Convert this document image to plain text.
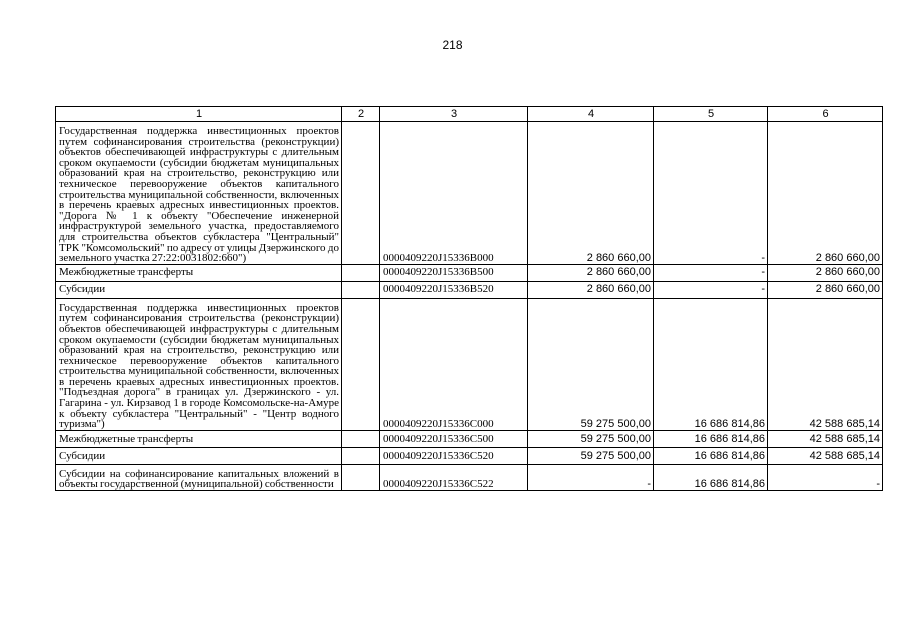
218
1	2	3	4	5	6
Государственная поддержка инвестиционных проектов путем софинансирования строительства (реконструкции) объектов обеспечивающей инфраструктуры с длительным сроком окупаемости (субсидии бюджетам муниципальных образований края на строительство, реконструкцию или техническое перевооружение объектов капитального строительства муниципальной собственности, включенных в перечень краевых адресных инвестиционных проектов. "Дорога № 1 к объекту "Обеспечение инженерной инфраструктурой земельного участка, предоставляемого для строительства объектов субкластера "Центральный" ТРК "Комсомольский" по адресу от улицы Дзержинского до земельного участка 27:22:0031802:660")		0000409220J15336B000	2 860 660,00	-	2 860 660,00
Межбюджетные трансферты		0000409220J15336B500	2 860 660,00	-	2 860 660,00
Субсидии		0000409220J15336B520	2 860 660,00	-	2 860 660,00
Государственная поддержка инвестиционных проектов путем софинансирования строительства (реконструкции) объектов обеспечивающей инфраструктуры с длительным сроком окупаемости (субсидии бюджетам муниципальных образований края на строительство, реконструкцию или техническое перевооружение объектов капитального строительства муниципальной собственности, включенных в перечень краевых адресных инвестиционных проектов. "Подъездная дорога" в границах ул. Дзержинского - ул. Гагарина - ул. Кирзавод 1 в городе Комсомольске-на-Амуре к объекту субкластера "Центральный" - "Центр водного туризма")		0000409220J15336C000	59 275 500,00	16 686 814,86	42 588 685,14
Межбюджетные трансферты		0000409220J15336C500	59 275 500,00	16 686 814,86	42 588 685,14
Субсидии		0000409220J15336C520	59 275 500,00	16 686 814,86	42 588 685,14
Субсидии на софинансирование капитальных вложений в объекты государственной (муниципальной) собственности		0000409220J15336C522	-	16 686 814,86	-
